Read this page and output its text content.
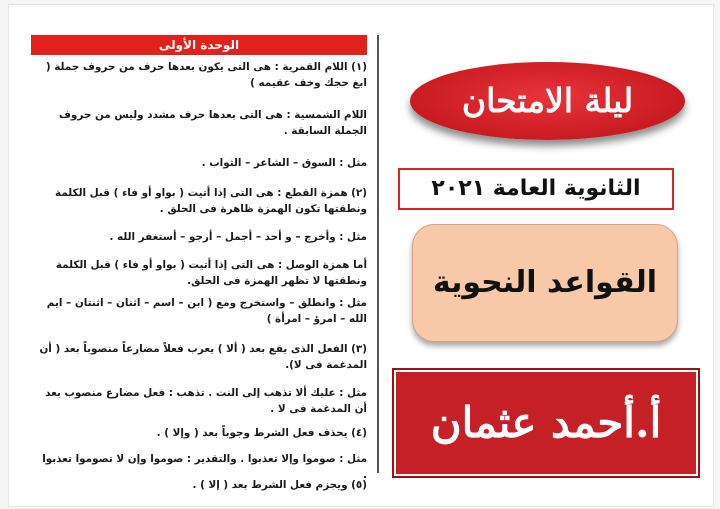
الوحدة الأولى
(١) اللام القمرية : هى التى يكون بعدها حرف من حروف جملة ( ابغ حجك وخف عقيمه )
اللام الشمسية : هى التى بعدها حرف مشدد وليس من حروف الجملة السابقة .
مثل : السوق – الشاعر – الثواب .
(٢) همزة القطع : هى التى إذا أتيت ( بواو أو فاء ) قبل الكلمة ونطقتها تكون الهمزة ظاهرة فى الحلق .
مثل : وأخرج – و أحد – أجمل – أرجو – أستغفر الله .
أما همزة الوصل : هى التى إذا أتيت ( بواو أو فاء ) قبل الكلمة ونطقتها لا تظهر الهمزة فى الحلق.
مثل : وانطلق – واستخرج ومع ( ابن – اسم – اثنان – اثنتان – ايم الله – امرؤ – امرأة )
(٣) الفعل الذى يقع بعد ( ألا ) يعرب فعلاً مضارعاً منصوباً بعد ( أن المدغمة فى لا).
مثل : عليك ألا تذهب إلى النت . تذهب : فعل مضارع منصوب بعد أن المدغمة فى لا .
(٤) يحذف فعل الشرط وجوباً بعد ( وإلا ) .
مثل : صوموا وإلا تعذبوا . والتقدير : صوموا وإن لا تصوموا تعذبوا .
(٥) ويجزم فعل الشرط بعد ( إلا ) .
ليلة الامتحان
الثانوية العامة ٢٠٢١
القواعد النحوية
أ.أحمد عثمان
